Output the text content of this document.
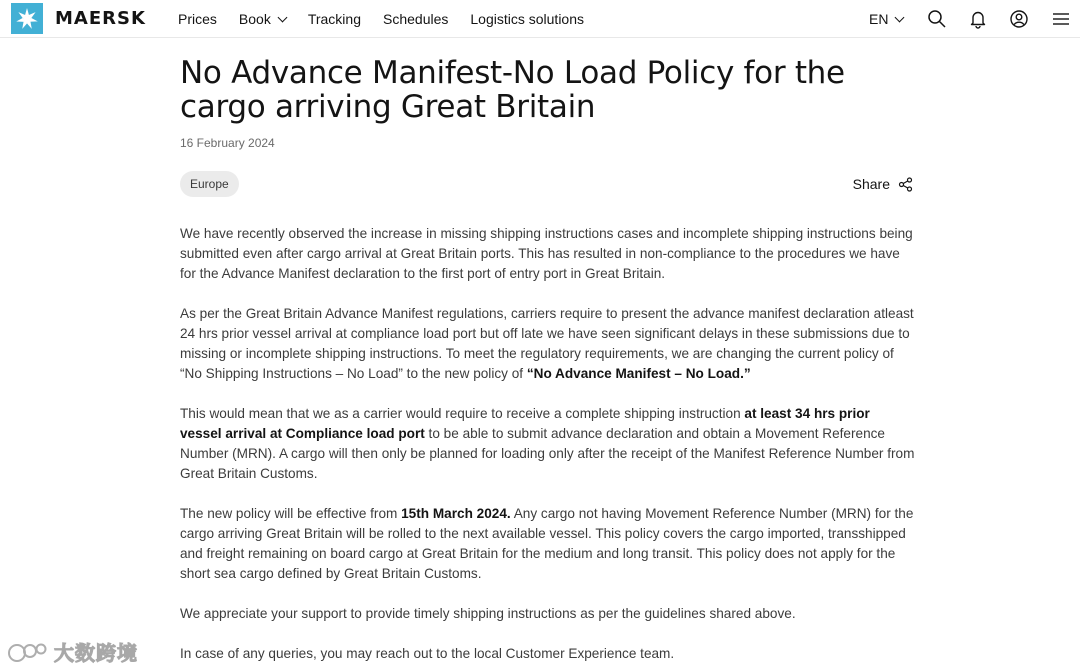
MAERSK Prices Book	Tracking Schedules Logistics solutions	EN
No Advance Manifest-No Load Policy for the cargo arriving Great Britain
16 February 2024
Europe	Share

We have recently observed the increase in missing shipping instructions cases and incomplete shipping instructions being submitted even after cargo arrival at Great Britain ports. This has resulted in non-compliance to the procedures we have for the Advance Manifest declaration to the first port of entry port in Great Britain.

As per the Great Britain Advance Manifest regulations, carriers require to present the advance manifest declaration atleast 24 hrs prior vessel arrival at compliance load port but off late we have seen significant delays in these submissions due to missing or incomplete shipping instructions. To meet the regulatory requirements, we are changing the current policy of “No Shipping Instructions – No Load” to the new policy of “No Advance Manifest – No Load.”

This would mean that we as a carrier would require to receive a complete shipping instruction at least 34 hrs prior vessel arrival at Compliance load port to be able to submit advance declaration and obtain a Movement Reference Number (MRN). A cargo will then only be planned for loading only after the receipt of the Manifest Reference Number from Great Britain Customs.

The new policy will be effective from 15th March 2024. Any cargo not having Movement Reference Number (MRN) for the cargo arriving Great Britain will be rolled to the next available vessel. This policy covers the cargo imported, transshipped and freight remaining on board cargo at Great Britain for the medium and long transit. This policy does not apply for the short sea cargo defined by Great Britain Customs.

We appreciate your support to provide timely shipping instructions as per the guidelines shared above.

In case of any queries, you may reach out to the local Customer Experience team.

大数跨境
